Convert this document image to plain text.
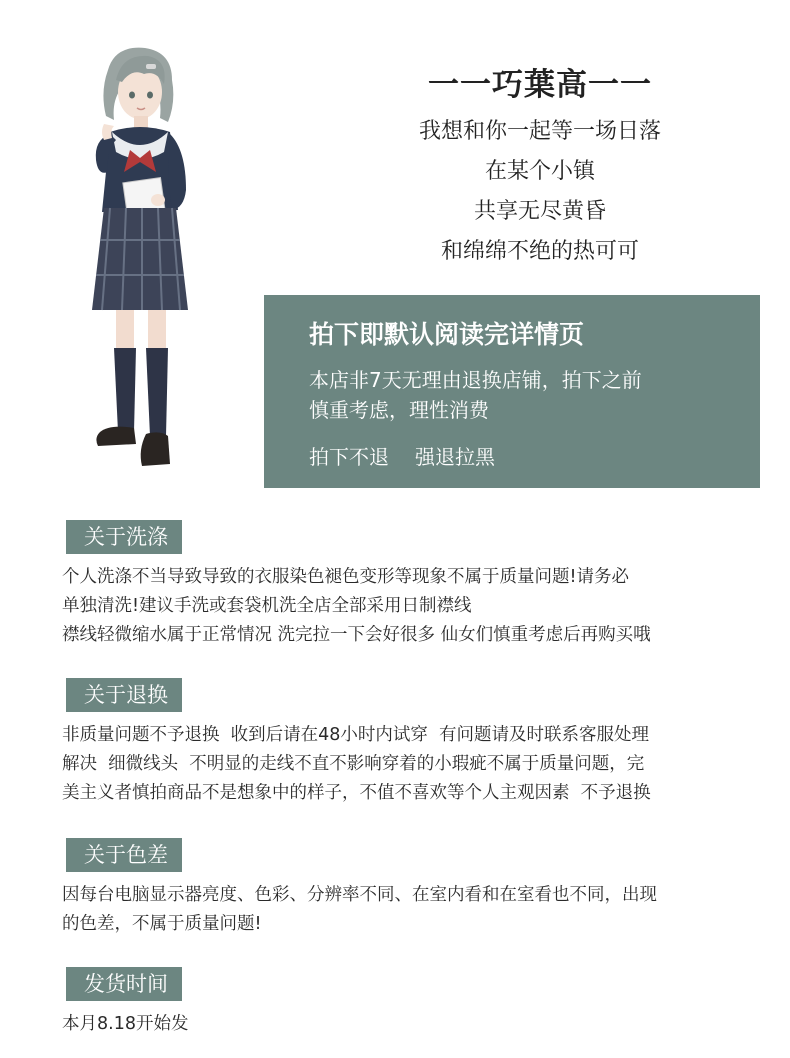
一一巧葉高一一
我想和你一起等一场日落
在某个小镇
共享无尽黄昏
和绵绵不绝的热可可
拍下即默认阅读完详情页
本店非7天无理由退换店铺，拍下之前
慎重考虑，理性消费
拍下不退 强退拉黑
关于洗涤
个人洗涤不当导致导致的衣服染色褪色变形等现象不属于质量问题!请务必
单独清洗!建议手洗或套袋机洗全店全部采用日制襟线
襟线轻微缩水属于正常情况 洗完拉一下会好很多 仙女们慎重考虑后再购买哦
关于退换
非质量问题不予退换  收到后请在48小时内试穿  有问题请及时联系客服处理
解决  细微线头  不明显的走线不直不影响穿着的小瑕疵不属于质量问题，完
美主义者慎拍商品不是想象中的样子，不值不喜欢等个人主观因素  不予退换
关于色差
因每台电脑显示器亮度、色彩、分辨率不同、在室内看和在室看也不同，出现
的色差，不属于质量问题!
发货时间
本月8.18开始发
